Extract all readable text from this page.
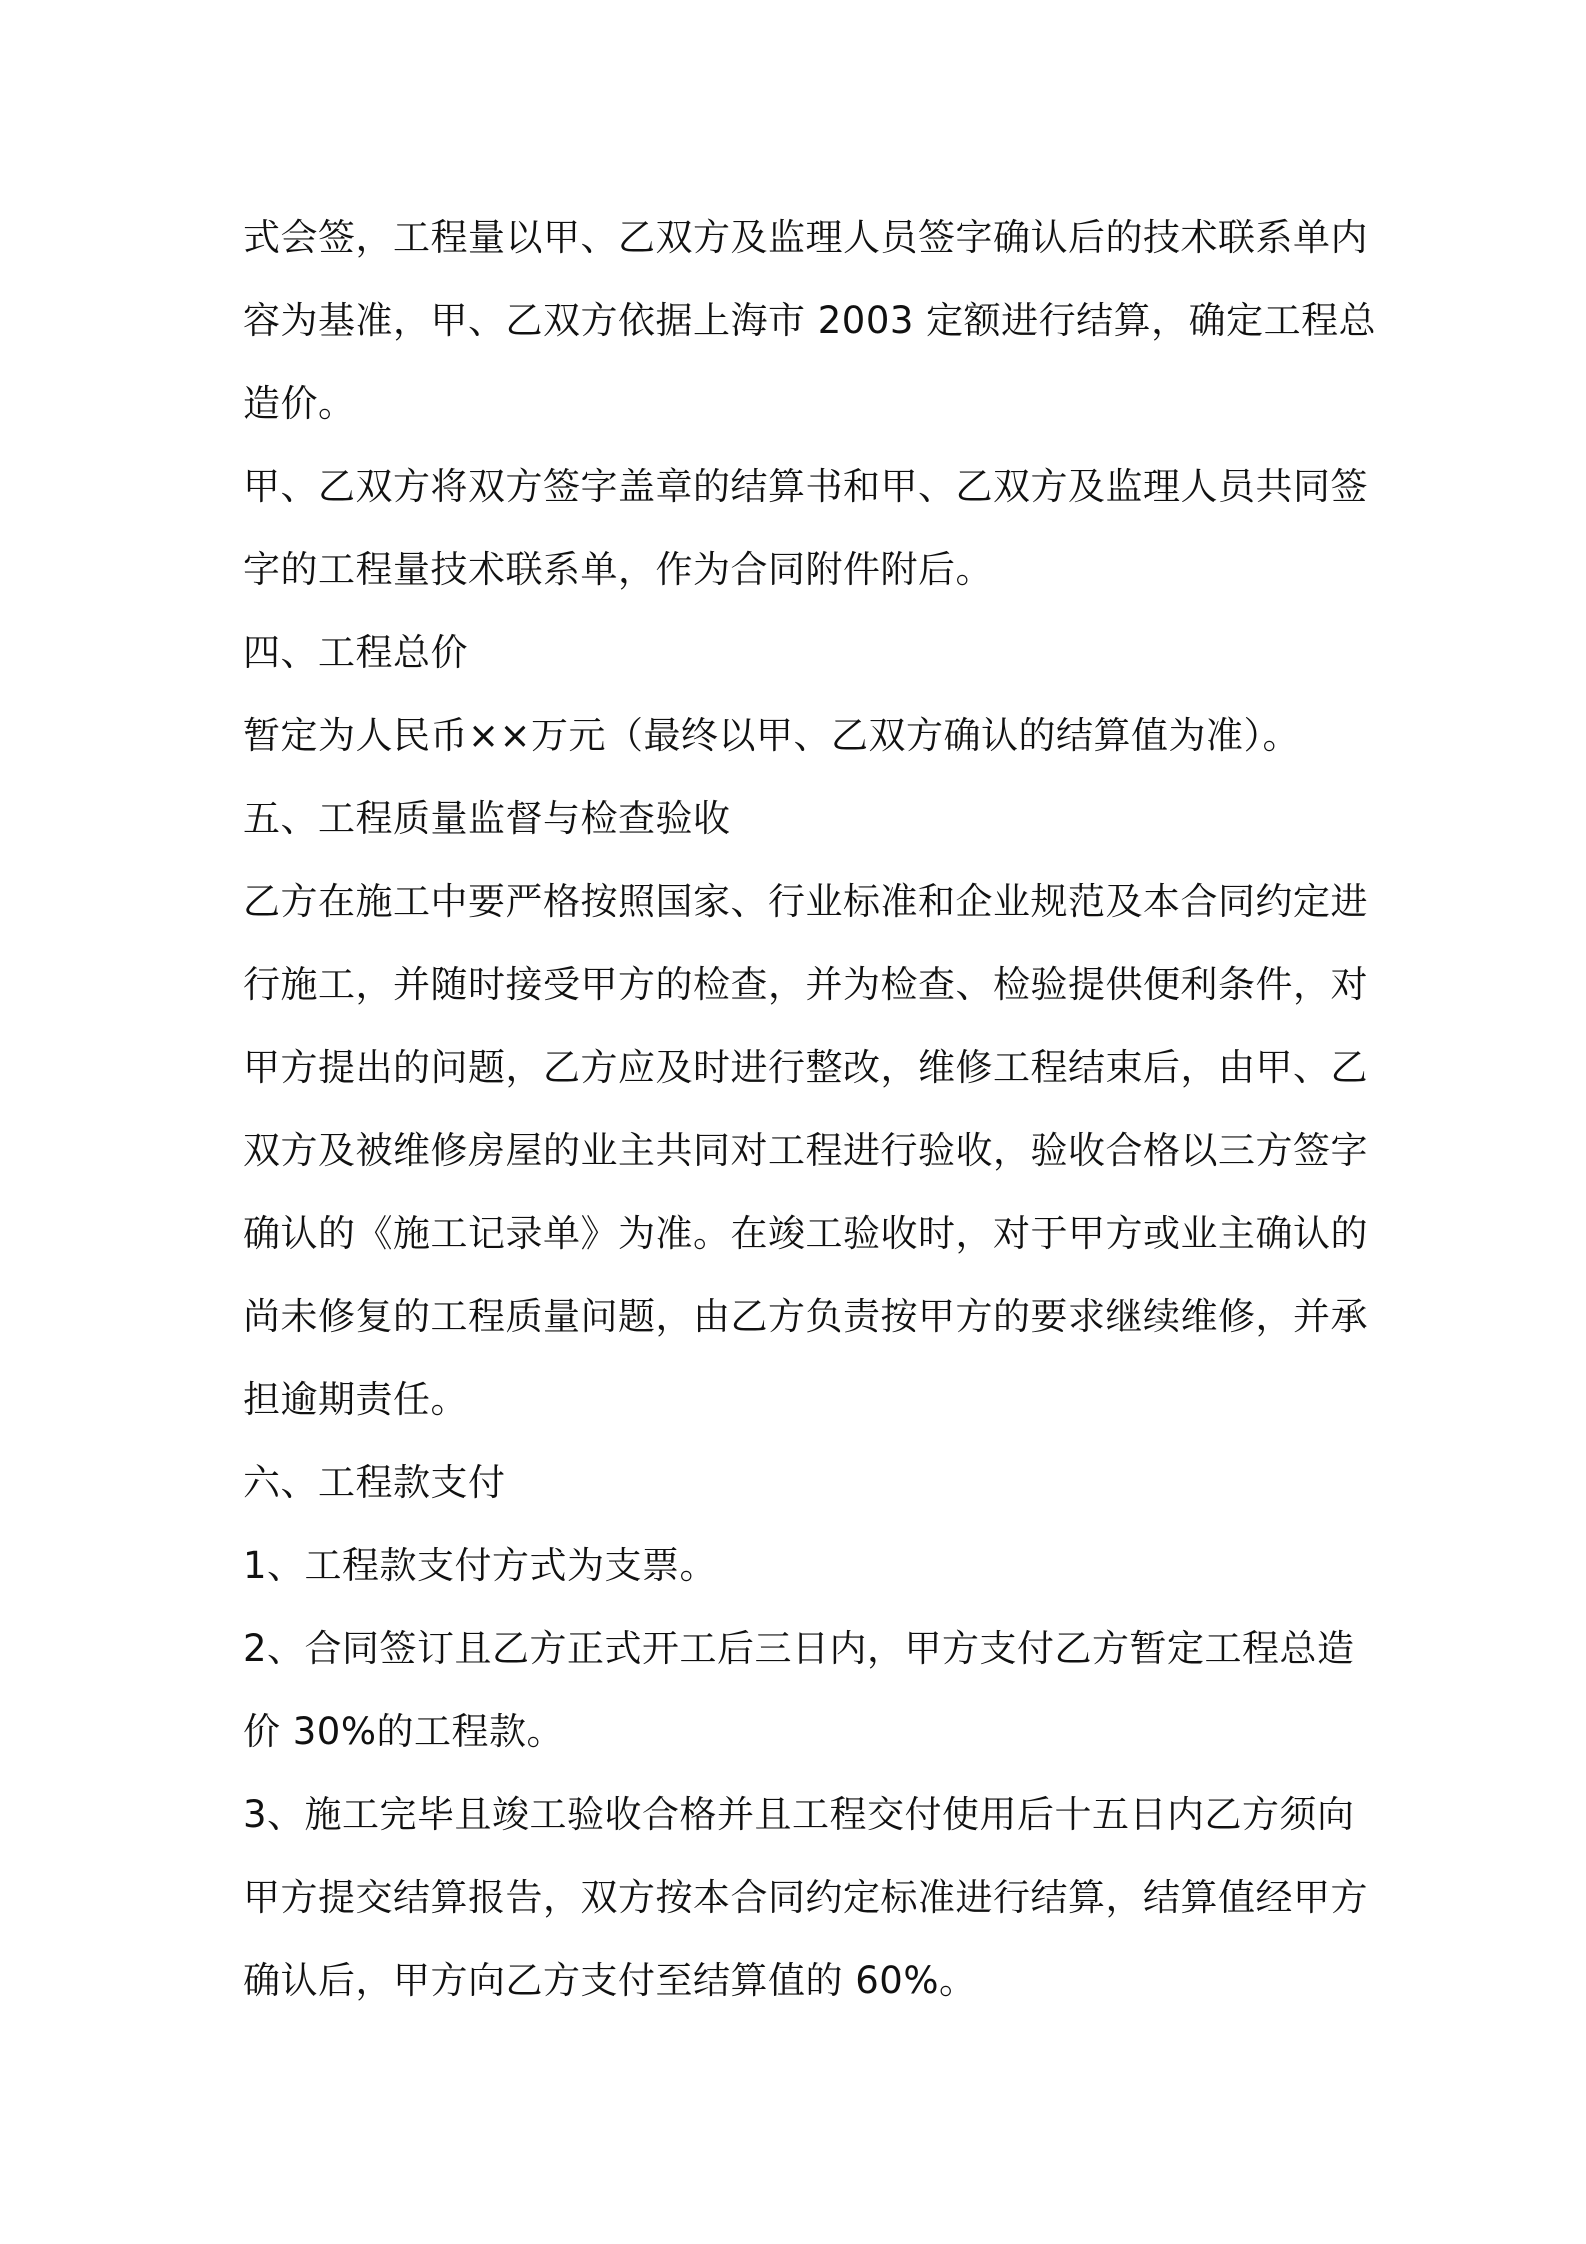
式会签，工程量以甲、乙双方及监理人员签字确认后的技术联系单内
容为基准，甲、乙双方依据上海市 2003 定额进行结算，确定工程总
造价。
甲、乙双方将双方签字盖章的结算书和甲、乙双方及监理人员共同签
字的工程量技术联系单，作为合同附件附后。
四、工程总价
暂定为人民币××万元（最终以甲、乙双方确认的结算值为准）。
五、工程质量监督与检查验收
乙方在施工中要严格按照国家、行业标准和企业规范及本合同约定进
行施工，并随时接受甲方的检查，并为检查、检验提供便利条件，对
甲方提出的问题，乙方应及时进行整改，维修工程结束后，由甲、乙
双方及被维修房屋的业主共同对工程进行验收，验收合格以三方签字
确认的《施工记录单》为准。在竣工验收时，对于甲方或业主确认的
尚未修复的工程质量问题，由乙方负责按甲方的要求继续维修，并承
担逾期责任。
六、工程款支付
1、工程款支付方式为支票。
2、合同签订且乙方正式开工后三日内，甲方支付乙方暂定工程总造
价 30%的工程款。
3、施工完毕且竣工验收合格并且工程交付使用后十五日内乙方须向
甲方提交结算报告，双方按本合同约定标准进行结算，结算值经甲方
确认后，甲方向乙方支付至结算值的 60%。
